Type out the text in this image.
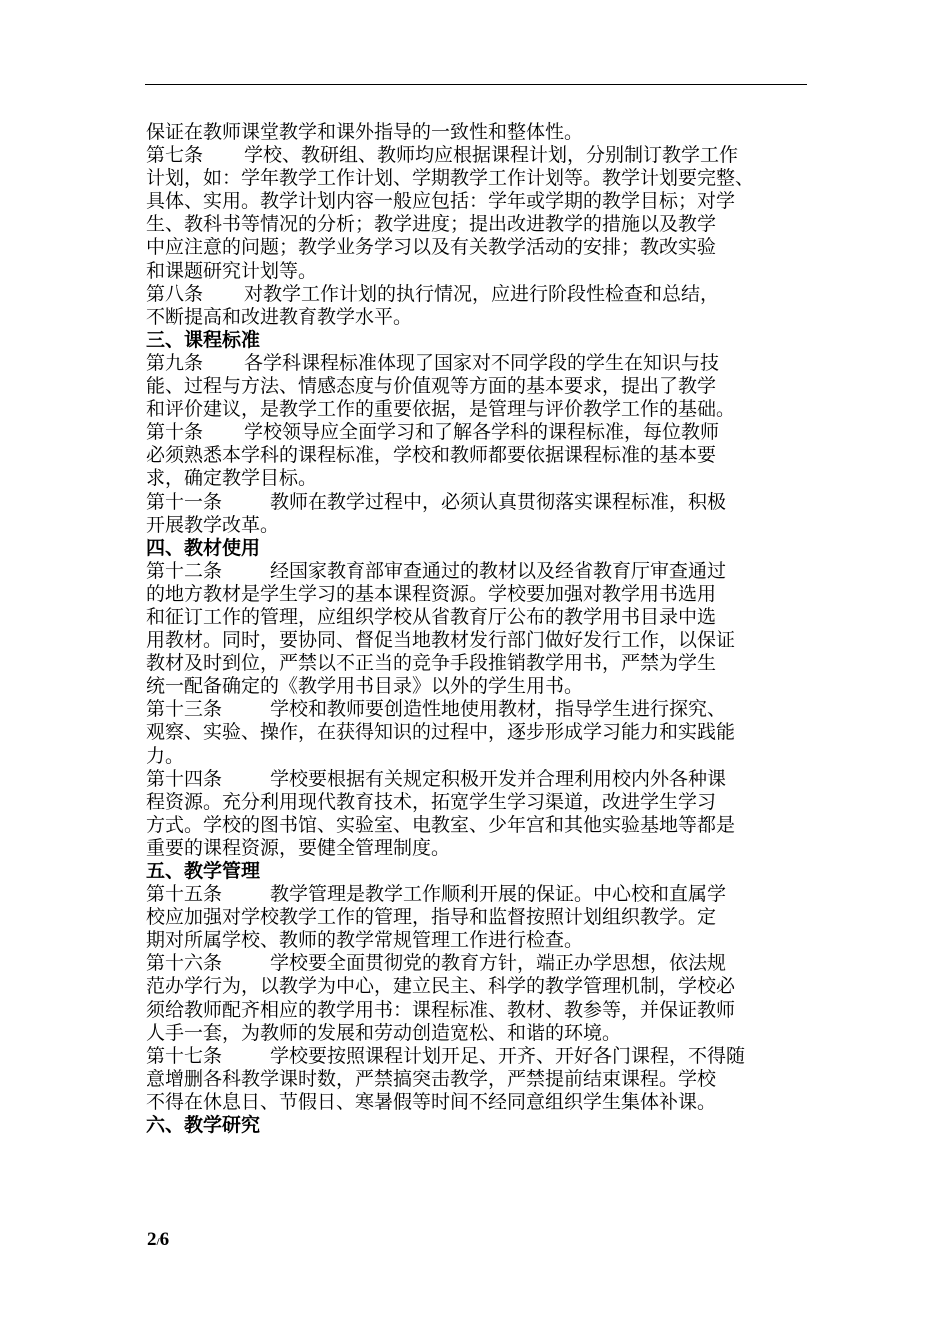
保证在教师课堂教学和课外指导的一致性和整体性。
第七条 学校、教研组、教师均应根据课程计划，分别制订教学工作
计划，如：学年教学工作计划、学期教学工作计划等。教学计划要完整、
具体、实用。教学计划内容一般应包括：学年或学期的教学目标；对学
生、教科书等情况的分析；教学进度；提出改进教学的措施以及教学
中应注意的问题；教学业务学习以及有关教学活动的安排；教改实验
和课题研究计划等。
第八条 对教学工作计划的执行情况，应进行阶段性检查和总结，
不断提高和改进教育教学水平。
三、课程标准
第九条 各学科课程标准体现了国家对不同学段的学生在知识与技
能、过程与方法、情感态度与价值观等方面的基本要求，提出了教学
和评价建议，是教学工作的重要依据，是管理与评价教学工作的基础。
第十条 学校领导应全面学习和了解各学科的课程标准，每位教师
必须熟悉本学科的课程标准，学校和教师都要依据课程标准的基本要
求，确定教学目标。
第十一条	教师在教学过程中，必须认真贯彻落实课程标准，积极
开展教学改革。
四、教材使用
第十二条	经国家教育部审查通过的教材以及经省教育厅审查通过
的地方教材是学生学习的基本课程资源。学校要加强对教学用书选用
和征订工作的管理，应组织学校从省教育厅公布的教学用书目录中选
用教材。同时，要协同、督促当地教材发行部门做好发行工作，以保证
教材及时到位，严禁以不正当的竞争手段推销教学用书，严禁为学生
统一配备确定的《教学用书目录》以外的学生用书。
第十三条	学校和教师要创造性地使用教材，指导学生进行探究、
观察、实验、操作，在获得知识的过程中，逐步形成学习能力和实践能
力。
第十四条	学校要根据有关规定积极开发并合理利用校内外各种课
程资源。充分利用现代教育技术，拓宽学生学习渠道，改进学生学习
方式。学校的图书馆、实验室、电教室、少年宫和其他实验基地等都是
重要的课程资源，要健全管理制度。
五、教学管理
第十五条	教学管理是教学工作顺利开展的保证。中心校和直属学
校应加强对学校教学工作的管理，指导和监督按照计划组织教学。定
期对所属学校、教师的教学常规管理工作进行检查。
第十六条	学校要全面贯彻党的教育方针，端正办学思想，依法规
范办学行为，以教学为中心，建立民主、科学的教学管理机制，学校必
须给教师配齐相应的教学用书：课程标准、教材、教参等，并保证教师
人手一套，为教师的发展和劳动创造宽松、和谐的环境。
第十七条	学校要按照课程计划开足、开齐、开好各门课程，不得随
意增删各科教学课时数，严禁搞突击教学，严禁提前结束课程。学校
不得在休息日、节假日、寒暑假等时间不经同意组织学生集体补课。
六、教学研究
2/6
